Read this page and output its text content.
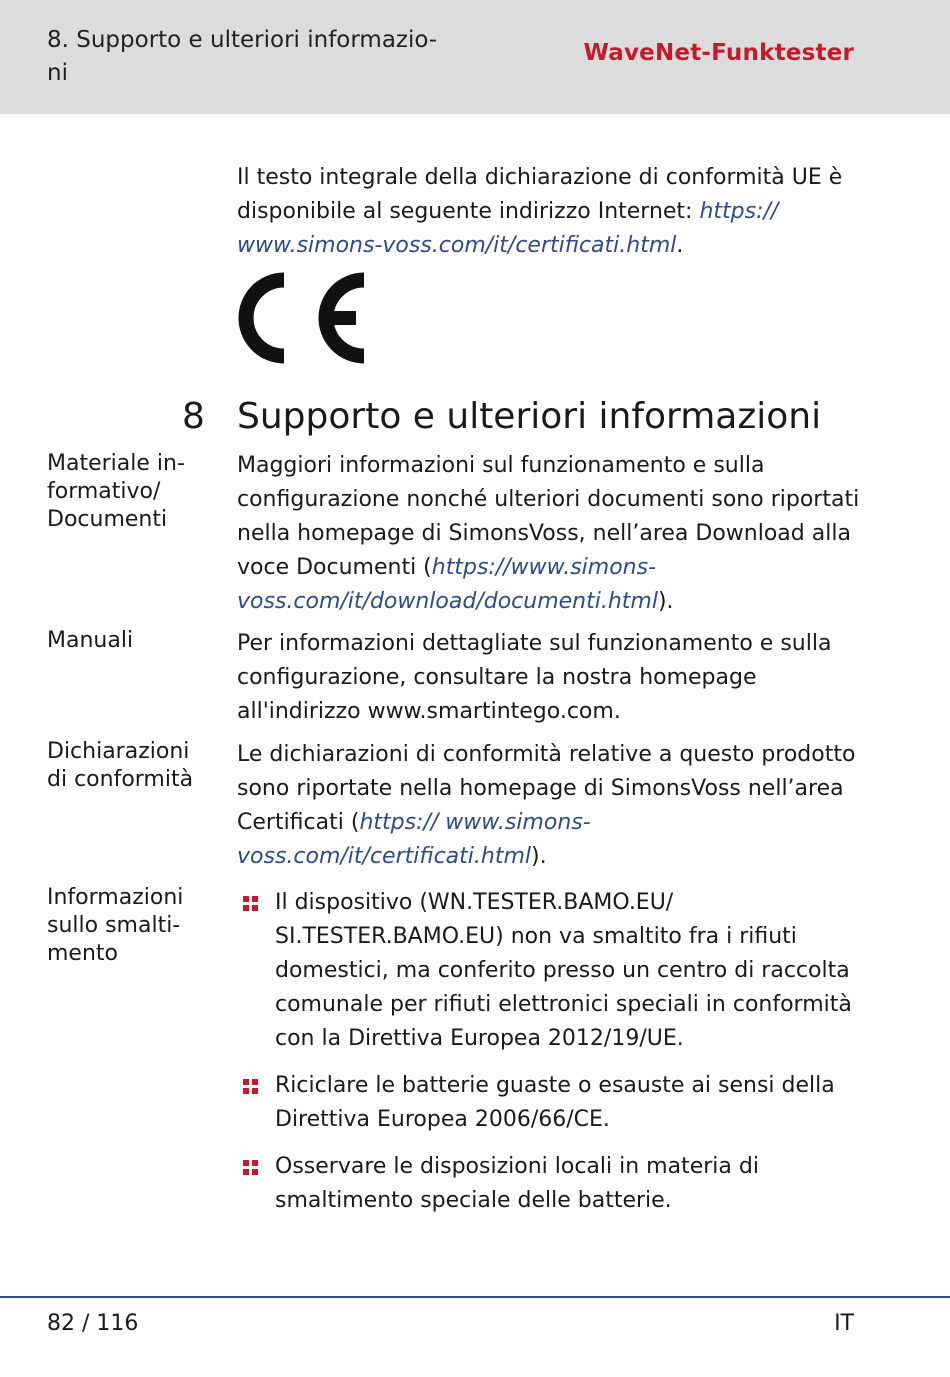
8. Supporto e ulteriori informazio-
ni
WaveNet-Funktester
Il testo integrale della dichiarazione di conformità UE è disponibile al seguente indirizzo Internet: https:// www.simons-voss.com/it/certificati.html.
8 Supporto e ulteriori informazioni
Materiale in-
formativo/
Documenti
Maggiori informazioni sul funzionamento e sulla configurazione nonché ulteriori documenti sono riportati nella homepage di SimonsVoss, nell’area Download alla voce Documenti (https://www.simons-voss.com/it/download/documenti.html).
Manuali	Per informazioni dettagliate sul funzionamento e sulla configurazione, consultare la nostra homepage all'indirizzo www.smartintego.com.
Dichiarazioni
di conformità
Le dichiarazioni di conformità relative a questo prodotto sono riportate nella homepage di SimonsVoss nell’area Certificati (https:// www.simons-voss.com/it/certificati.html).
Informazioni
sullo smalti-
mento
Il dispositivo (WN.TESTER.BAMO.EU/ SI.TESTER.BAMO.EU) non va smaltito fra i rifiuti domestici, ma conferito presso un centro di raccolta comunale per rifiuti elettronici speciali in conformità con la Direttiva Europea 2012/19/UE.
Riciclare le batterie guaste o esauste ai sensi della Direttiva Europea 2006/66/CE.
Osservare le disposizioni locali in materia di smaltimento speciale delle batterie.
82 / 116	IT
